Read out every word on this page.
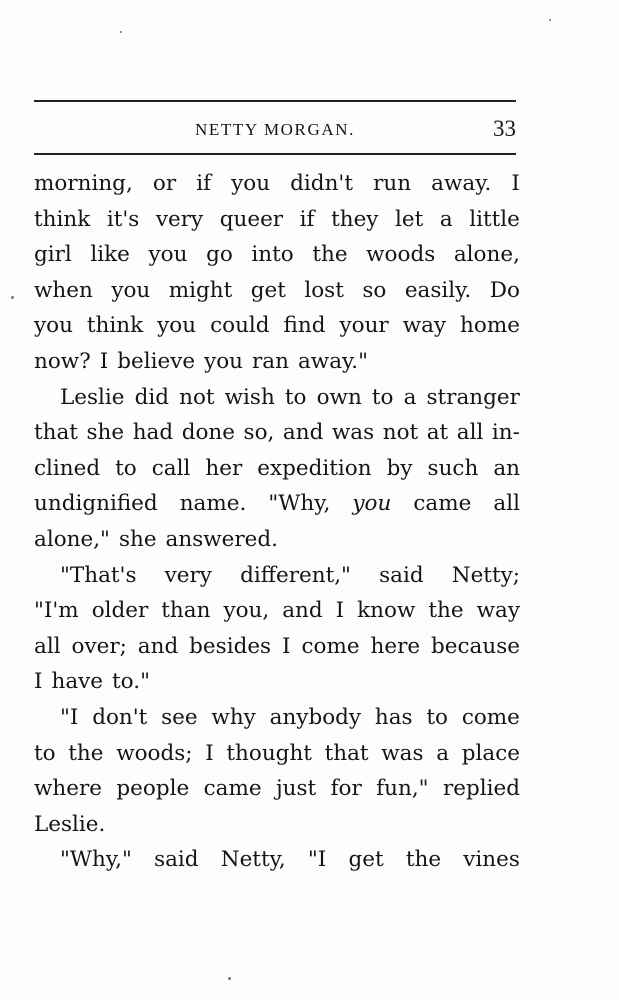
NETTY MORGAN.	33
morning, or if you didn't run away. I
think it's very queer if they let a little
girl like you go into the woods alone,
when you might get lost so easily. Do
you think you could find your way home
now? I believe you ran away."
Leslie did not wish to own to a stranger
that she had done so, and was not at all in-
clined to call her expedition by such an
undignified name. "Why, you came all
alone," she answered.
"That's very different," said Netty;
"I'm older than you, and I know the way
all over; and besides I come here because
I have to."
"I don't see why anybody has to come
to the woods; I thought that was a place
where people came just for fun," replied
Leslie.
"Why," said Netty, "I get the vines
